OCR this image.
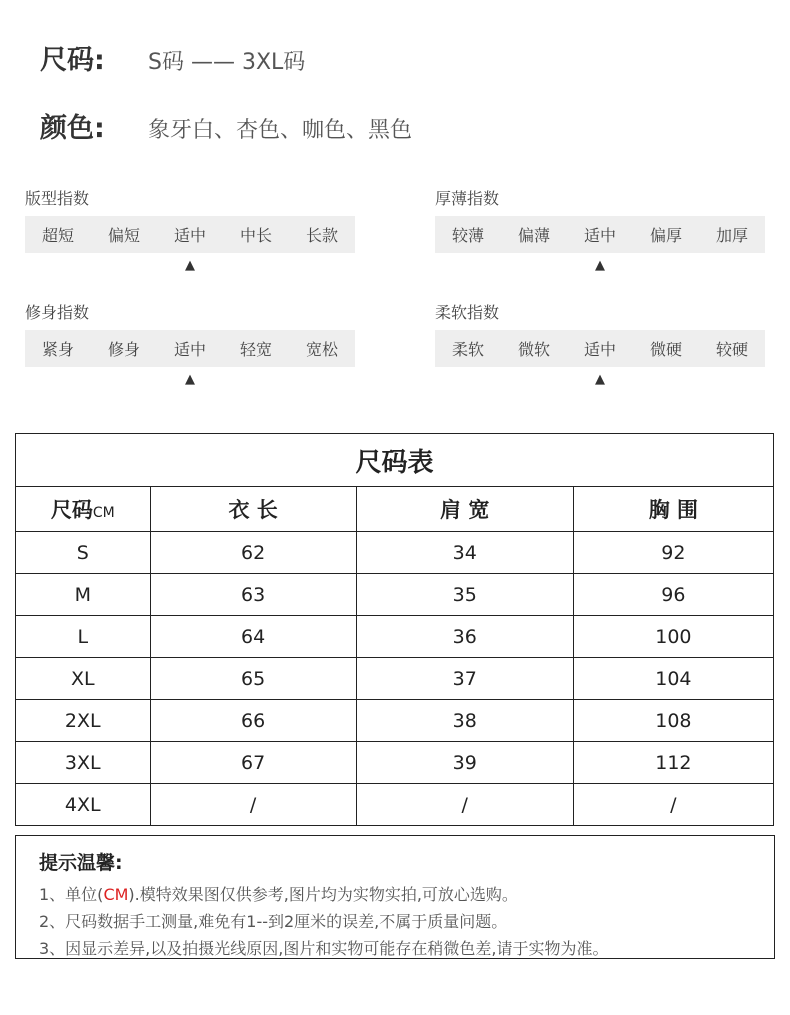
尺码:	S码 —— 3XL码
颜色:	象牙白、杏色、咖色、黑色
版型指数
超短	偏短	适中	中长	长款
▲
厚薄指数
较薄	偏薄	适中	偏厚	加厚
▲
修身指数
紧身	修身	适中	轻宽	宽松
▲
柔软指数
柔软	微软	适中	微硬	较硬
▲
尺码表			
尺码CM	衣 长	肩 宽	胸 围
S	62	34	92
M	63	35	96
L	64	36	100
XL	65	37	104
2XL	66	38	108
3XL	67	39	112
4XL	/	/	/
提示温馨:
1、单位(CM).模特效果图仅供参考,图片均为实物实拍,可放心选购。
2、尺码数据手工测量,难免有1--到2厘米的误差,不属于质量问题。
3、因显示差异,以及拍摄光线原因,图片和实物可能存在稍微色差,请于实物为准。
